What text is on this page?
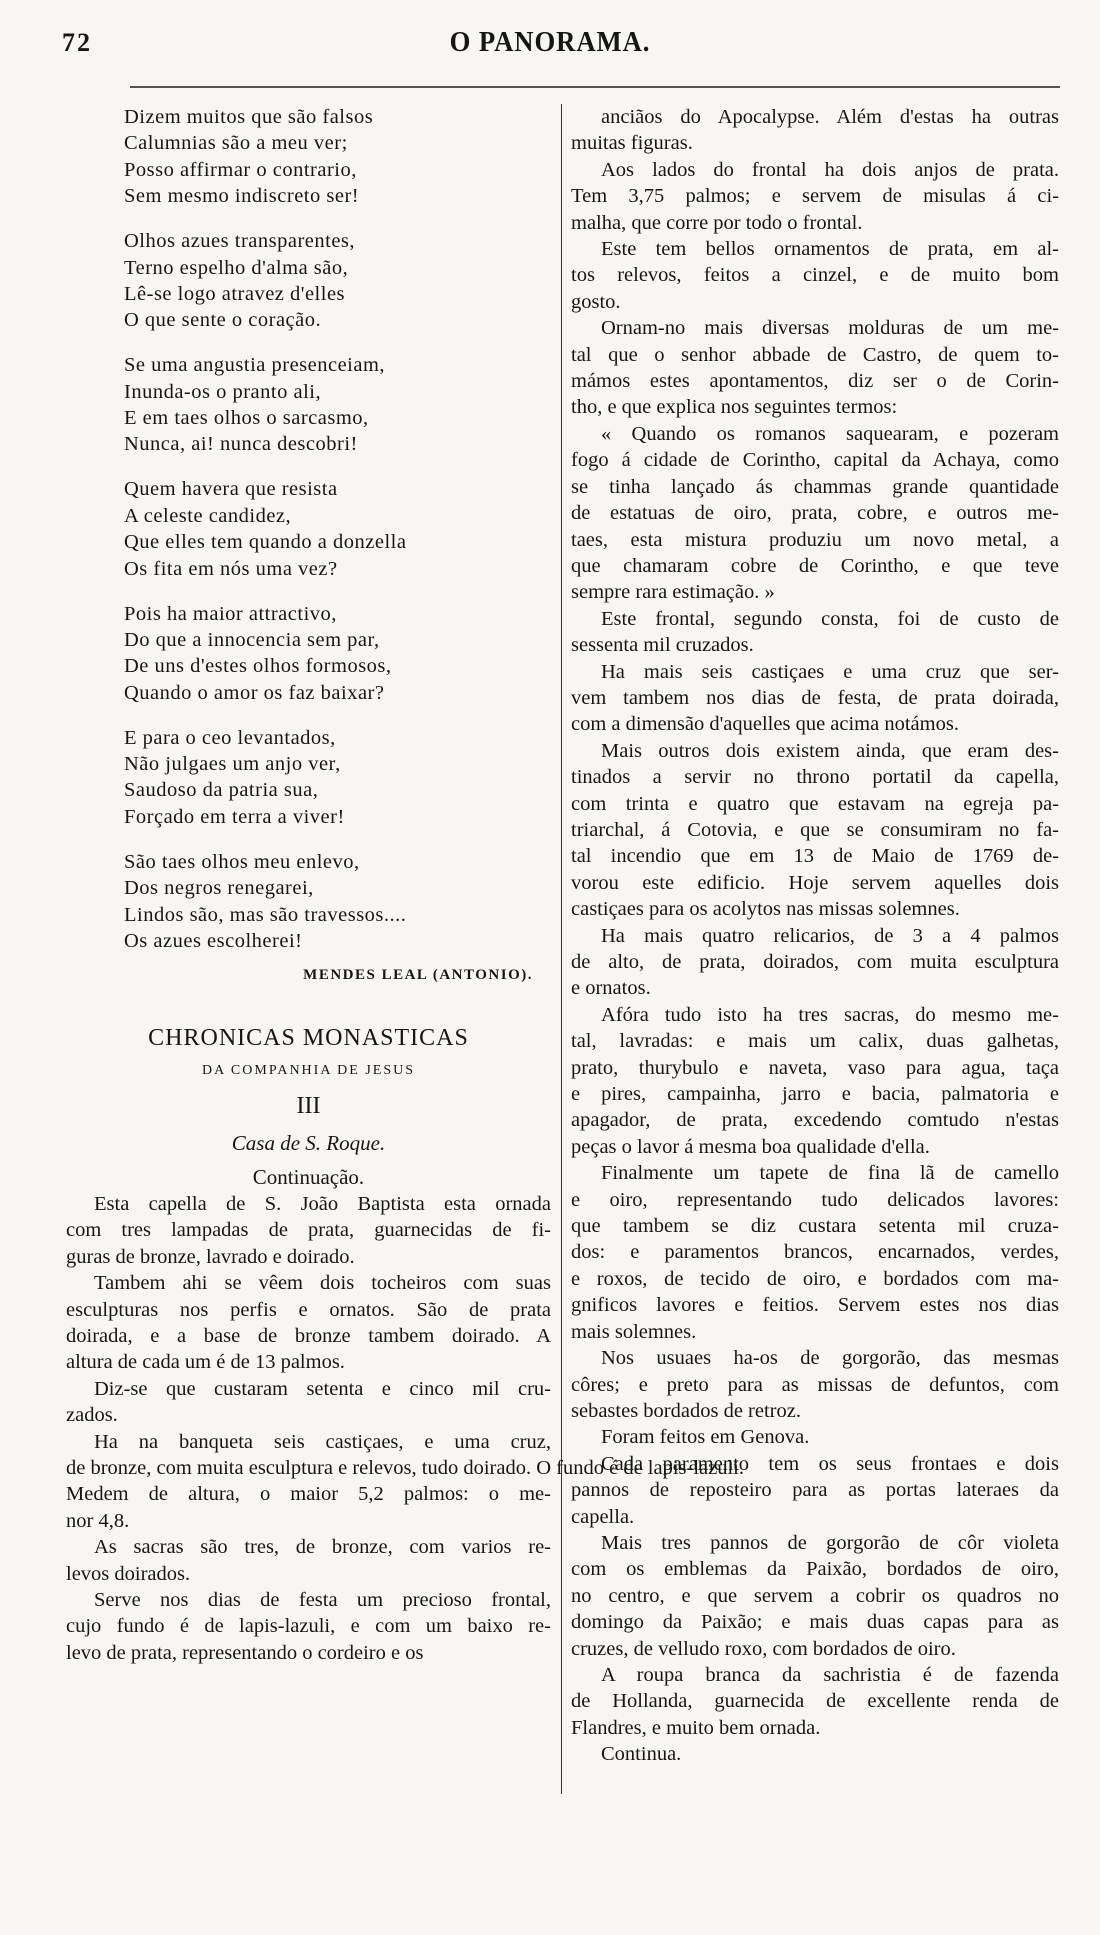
72	O PANORAMA.
Dizem muitos que são falsos
Calumnias são a meu ver;
Posso affirmar o contrario,
Sem mesmo indiscreto ser!
Olhos azues transparentes,
Terno espelho d'alma são,
Lê-se logo atravez d'elles
O que sente o coração.
Se uma angustia presenceiam,
Inunda-os o pranto ali,
E em taes olhos o sarcasmo,
Nunca, ai! nunca descobri!
Quem havera que resista
A celeste candidez,
Que elles tem quando a donzella
Os fita em nós uma vez?
Pois ha maior attractivo,
Do que a innocencia sem par,
De uns d'estes olhos formosos,
Quando o amor os faz baixar?
E para o ceo levantados,
Não julgaes um anjo ver,
Saudoso da patria sua,
Forçado em terra a viver!
São taes olhos meu enlevo,
Dos negros renegarei,
Lindos são, mas são travessos....
Os azues escolherei!
MENDES LEAL (ANTONIO).
CHRONICAS MONASTICAS
DA COMPANHIA DE JESUS
III
Casa de S. Roque.
Continuação.
Esta capella de S. João Baptista esta ornada
com tres lampadas de prata, guarnecidas de fi-
guras de bronze, lavrado e doirado.
Tambem ahi se vêem dois tocheiros com suas
esculpturas nos perfis e ornatos. São de prata
doirada, e a base de bronze tambem doirado. A
altura de cada um é de 13 palmos.
Diz-se que custaram setenta e cinco mil cru-
zados.
Ha na banqueta seis castiçaes, e uma cruz,
de bronze, com muita esculptura e relevos, tudo doirado. O fundo é de lapis-lazuli.
Medem de altura, o maior 5,2 palmos: o me-
nor 4,8.
As sacras são tres, de bronze, com varios re-
levos doirados.
Serve nos dias de festa um precioso frontal,
cujo fundo é de lapis-lazuli, e com um baixo re-
levo de prata, representando o cordeiro e os
anciãos do Apocalypse. Além d'estas ha outras
muitas figuras.
Aos lados do frontal ha dois anjos de prata.
Tem 3,75 palmos; e servem de misulas á ci-
malha, que corre por todo o frontal.
Este tem bellos ornamentos de prata, em al-
tos relevos, feitos a cinzel, e de muito bom
gosto.
Ornam-no mais diversas molduras de um me-
tal que o senhor abbade de Castro, de quem to-
mámos estes apontamentos, diz ser o de Corin-
tho, e que explica nos seguintes termos:
« Quando os romanos saquearam, e pozeram
fogo á cidade de Corintho, capital da Achaya, como
se tinha lançado ás chammas grande quantidade
de estatuas de oiro, prata, cobre, e outros me-
taes, esta mistura produziu um novo metal, a
que chamaram cobre de Corintho, e que teve
sempre rara estimação. »
Este frontal, segundo consta, foi de custo de
sessenta mil cruzados.
Ha mais seis castiçaes e uma cruz que ser-
vem tambem nos dias de festa, de prata doirada,
com a dimensão d'aquelles que acima notámos.
Mais outros dois existem ainda, que eram des-
tinados a servir no throno portatil da capella,
com trinta e quatro que estavam na egreja pa-
triarchal, á Cotovia, e que se consumiram no fa-
tal incendio que em 13 de Maio de 1769 de-
vorou este edificio. Hoje servem aquelles dois
castiçaes para os acolytos nas missas solemnes.
Ha mais quatro relicarios, de 3 a 4 palmos
de alto, de prata, doirados, com muita esculptura
e ornatos.
Afóra tudo isto ha tres sacras, do mesmo me-
tal, lavradas: e mais um calix, duas galhetas,
prato, thurybulo e naveta, vaso para agua, taça
e pires, campainha, jarro e bacia, palmatoria e
apagador, de prata, excedendo comtudo n'estas
peças o lavor á mesma boa qualidade d'ella.
Finalmente um tapete de fina lã de camello
e oiro, representando tudo delicados lavores:
que tambem se diz custara setenta mil cruza-
dos: e paramentos brancos, encarnados, verdes,
e roxos, de tecido de oiro, e bordados com ma-
gnificos lavores e feitios. Servem estes nos dias
mais solemnes.
Nos usuaes ha-os de gorgorão, das mesmas
côres; e preto para as missas de defuntos, com
sebastes bordados de retroz.
Foram feitos em Genova.
Cada paramento tem os seus frontaes e dois
pannos de reposteiro para as portas lateraes da
capella.
Mais tres pannos de gorgorão de côr violeta
com os emblemas da Paixão, bordados de oiro,
no centro, e que servem a cobrir os quadros no
domingo da Paixão; e mais duas capas para as
cruzes, de velludo roxo, com bordados de oiro.
A roupa branca da sachristia é de fazenda
de Hollanda, guarnecida de excellente renda de
Flandres, e muito bem ornada.
Continua.
